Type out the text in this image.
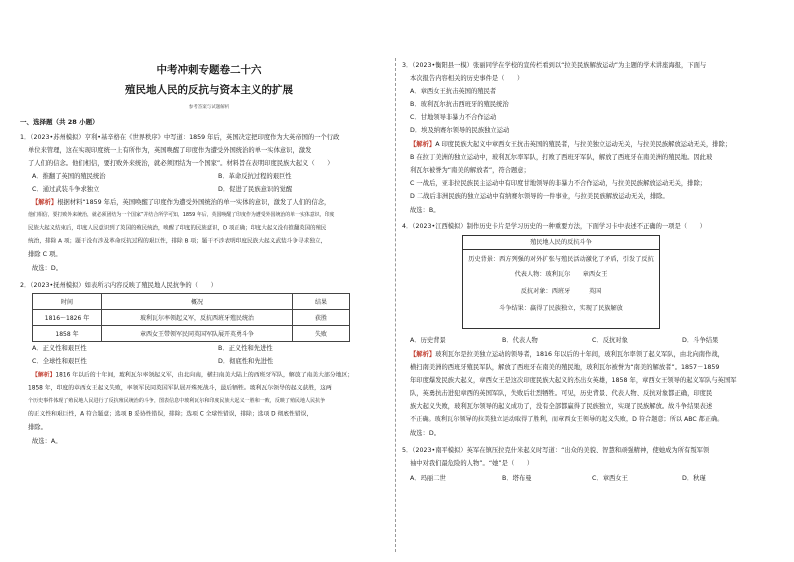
中考冲刺专题卷二十六
殖民地人民的反抗与资本主义的扩展
参考答案与试题解析
一、选择题（共 28 小题）
1．（2023•苏州模拟）亨利•基辛格在《世界秩序》中写道：1859 年后，英国决定把印度作为大英帝国的一个行政
单位来管理，这在实现印度统一上有所作为，英国唤醒了印度作为遭受外国统治的单一实体意识，激发
了人们的信念。他们相信，要打败外来统治，就必须团结为一个国家”。材料旨在表明印度民族大起义（　　）
A．推翻了英国的殖民统治	B．革命反抗过程的艰巨性
C．通过武装斗争求独立	D．促进了民族意识的觉醒
【解析】根据材料“1859 年后，英国唤醒了印度作为遭受外国统治的单一实体的意识，激发了人们的信念，
他们相信，要打败外来统治，就必须团结为一个国家”并结合所学可知，1859 年后，英国唤醒了印度作为遭受外国统治的单一实体意识，印度
民族大起义结束后，印度人民意识到了英国的殖民统治，唤醒了印度的民族意识，D 项正确；印度大起义没有推翻英国的殖民
统治，排除 A 项；题干没有涉及革命反抗过程的艰巨性，排除 B 项；题干不涉表明印度民族大起义武装斗争寻求独立，
排除 C 项。
故选：D。
2．（2023•抚州模拟）如表所示内容反映了殖民地人民抗争的（　　）
时间	概况	结果
1816～1826 年	玻利瓦尔率领起义军，反抗西班牙殖民统治	获胜
1858 年	章西女王带领军民同英国军队展开英勇斗争	失败
A．正义性和艰巨性	B．正义性和先进性
C．全球性和艰巨性	D．彻底性和先进性
【解析】1816 年以后的十年间，玻利瓦尔率领起义军，由北向南，横扫南美大陆上的西班牙军队，解放了南美大部分地区；
1858 年，印度的章西女王起义失败，率领军民同英国军队展开殊死战斗，最后牺牲。玻利瓦尔领导的起义获胜，这两
个历史事件体现了殖民地人民进行了反抗殖民统治的斗争，图表信息中玻利瓦尔和印度民族大起义一胜和一败，反映了殖民地人民抗争
的正义性和艰巨性，A 符合题意；选项 B 妥协性错误，排除；选项 C 全球性错误，排除；选项 D 彻底性错误，
排除。
故选：A。
3．（2023•衡阳县一模）张丽同学在学校的宣传栏看到以“拉美民族解放运动”为主题的学术讲座海报，下面与
本次报告内容相关的历史事件是（　　）
A．章西女王抗击英国的殖民者
B．玻利瓦尔抗击西班牙的殖民统治
C．甘地领导非暴力不合作运动
D．埃及纳赛尔领导的民族独立运动
【解析】A 印度民族大起义中章西女王抗击英国的殖民者，与拉美独立运动无关，与拉美民族解放运动无关，排除；
B 在拉丁美洲的独立运动中，玻利瓦尔率军队，打败了西班牙军队，解放了西班牙在南美洲的殖民地。因此玻
利瓦尔被誉为“南美的解放者”，符合题意；
C 一战后，亚非拉民族民主运动中有印度甘地领导的非暴力不合作运动，与拉美民族解放运动无关，排除；
D 二战后非洲民族的独立运动中有纳赛尔领导的一件事业，与拉美民族解放运动无关，排除。
故选：B。
4．（2023•江西模拟）制作历史卡片是学习历史的一种重要方法，下面学习卡中表述不正确的一项是（　　）
殖民地人民的反抗斗争
历史背景：西方列强的对外扩张与殖民活动激化了矛盾，引发了反抗
代表人物：玻利瓦尔　　 章西女王
反抗对象：西班牙　　　	英国
斗争结果：赢得了民族独立，实现了民族解放
A．历史背景	B．代表人物	C．反抗对象	D．斗争结果
【解析】玻利瓦尔是拉美独立运动的领导者，1816 年以后的十年间，玻利瓦尔率领了起义军队，由北向南作战，
横扫南美洲的西班牙殖民军队，解放了西班牙在南美的殖民地，玻利瓦尔被誉为“南美的解放者”。1857－1859
年印度爆发民族大起义，章西女王是这次印度民族大起义的杰出女英雄，1858 年，章西女王领导的起义军队与英国军
队，英勇抗击进犯章西的英国军队，失败后壮烈牺牲。可见，历史背景、代表人物、反抗对象都正确，印度民
族大起义失败，玻利瓦尔领导的起义成功了，没有全部都赢得了民族独立，实现了民族解放。故斗争结果表述
不正确。玻利瓦尔领导的拉美独立运动取得了胜利，而章西女王领导的起义失败，D 符合题意；所以 ABC 都正确。
故选：D。
5．（2023•南平模拟）英军在镇压拉克什米起义时写道：“出众的美貌、智慧和顽强精神，使她成为所有叛军领
袖中对我们最危险的人物”。“她”是（　　）
A．玛丽二世	B．塔布曼	C．章西女王	D．秋瑾
